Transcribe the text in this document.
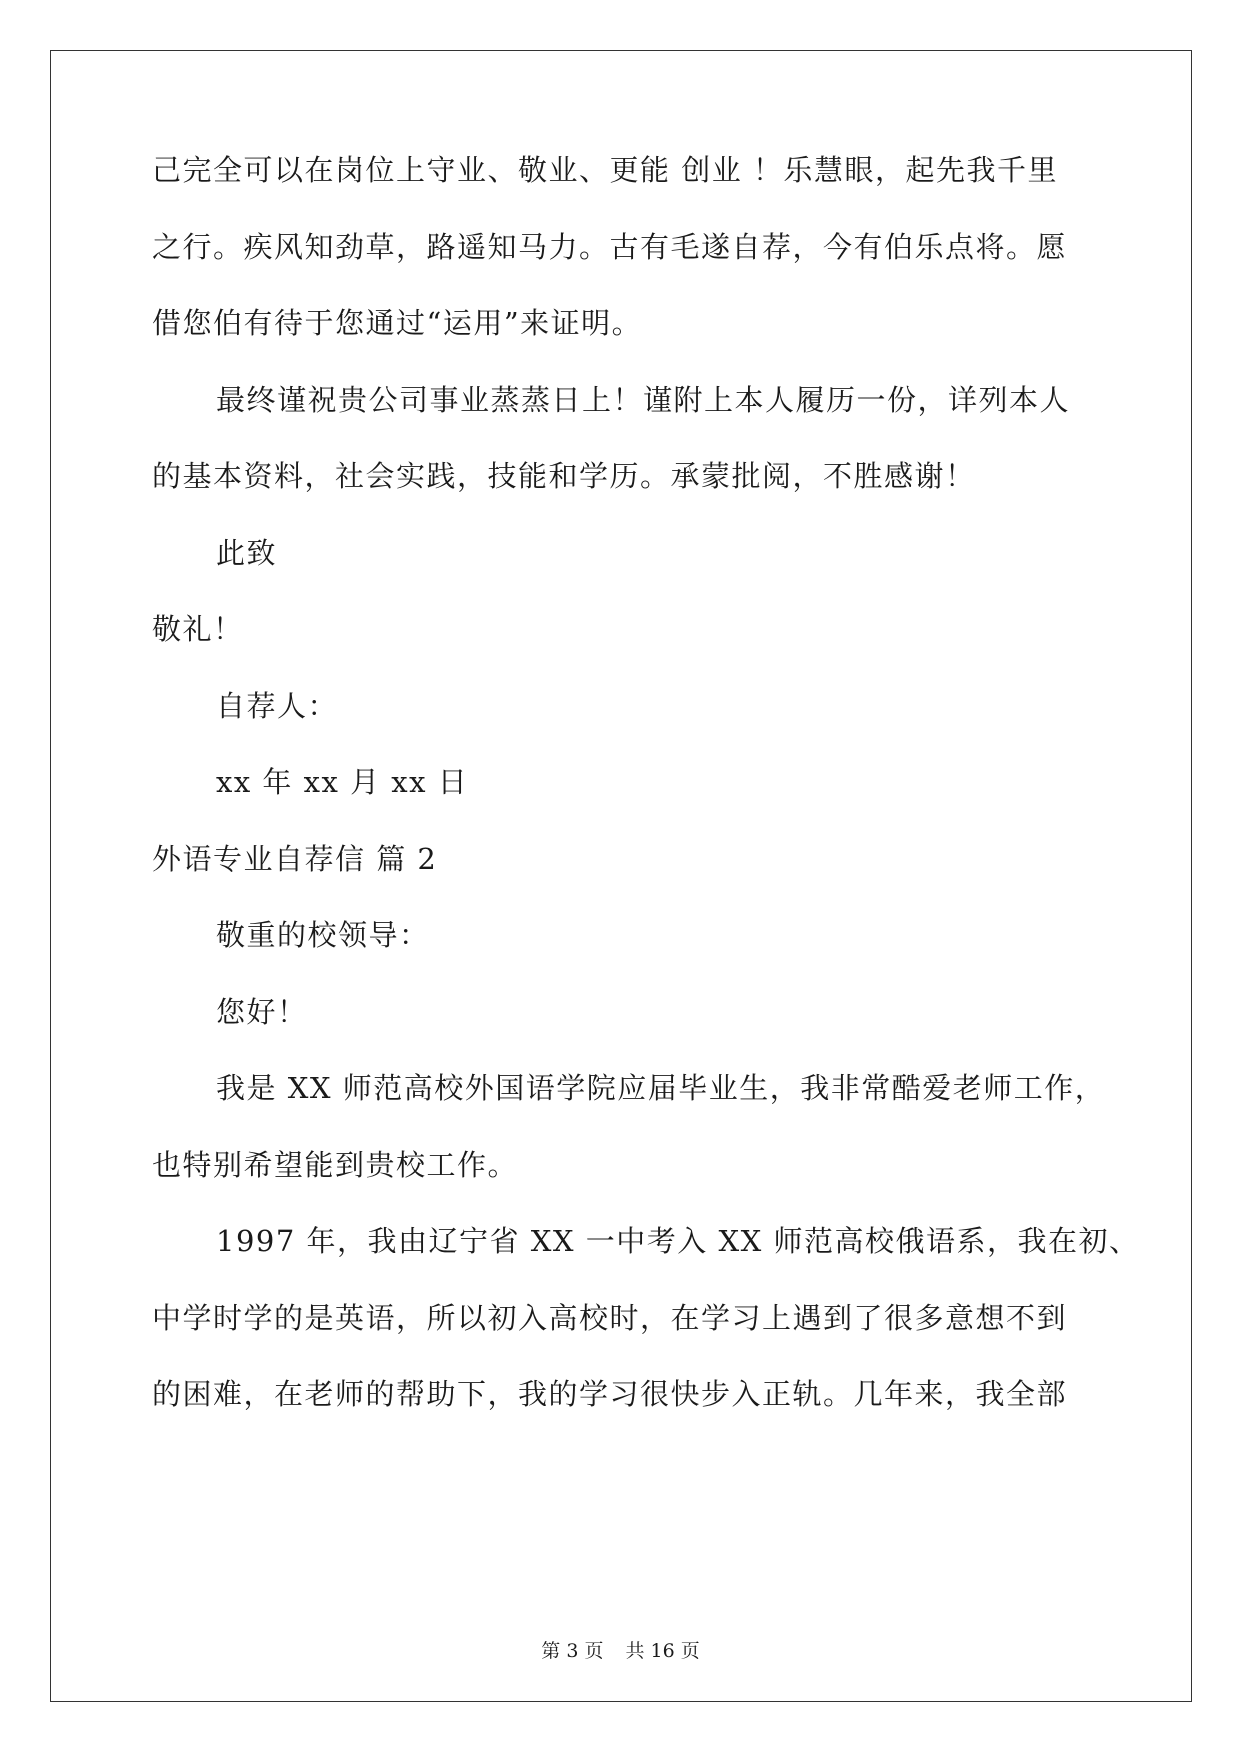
己完全可以在岗位上守业、敬业、更能 创业 ！乐慧眼，起先我千里
之行。疾风知劲草，路遥知马力。古有毛遂自荐，今有伯乐点将。愿
借您伯有待于您通过“运用”来证明。
最终谨祝贵公司事业蒸蒸日上！谨附上本人履历一份，详列本人
的基本资料，社会实践，技能和学历。承蒙批阅，不胜感谢！
此致
敬礼！
自荐人：
xx 年 xx 月 xx 日
外语专业自荐信 篇 2
敬重的校领导：
您好！
我是 XX 师范高校外国语学院应届毕业生，我非常酷爱老师工作，
也特别希望能到贵校工作。
1997 年，我由辽宁省 XX 一中考入 XX 师范高校俄语系，我在初、
中学时学的是英语，所以初入高校时，在学习上遇到了很多意想不到
的困难，在老师的帮助下，我的学习很快步入正轨。几年来，我全部
第 3 页 共 16 页
